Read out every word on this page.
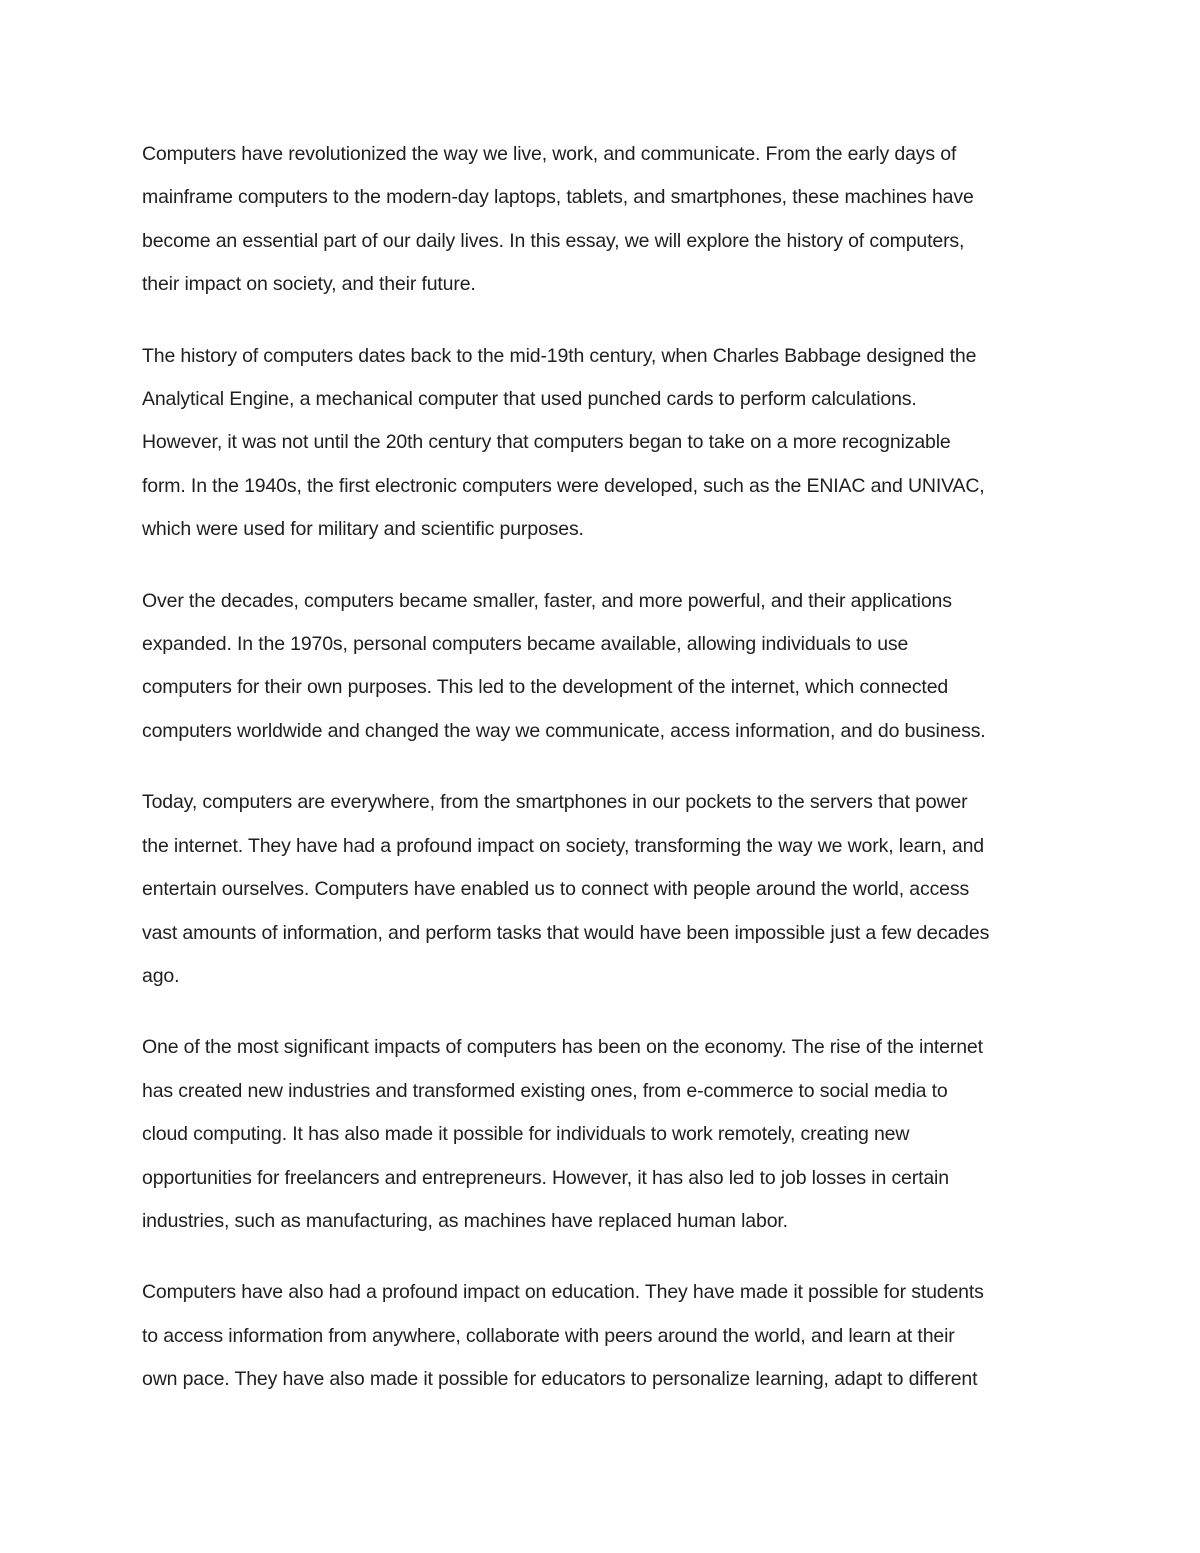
Computers have revolutionized the way we live, work, and communicate. From the early days of
mainframe computers to the modern-day laptops, tablets, and smartphones, these machines have
become an essential part of our daily lives. In this essay, we will explore the history of computers,
their impact on society, and their future.

The history of computers dates back to the mid-19th century, when Charles Babbage designed the
Analytical Engine, a mechanical computer that used punched cards to perform calculations.
However, it was not until the 20th century that computers began to take on a more recognizable
form. In the 1940s, the first electronic computers were developed, such as the ENIAC and UNIVAC,
which were used for military and scientific purposes.

Over the decades, computers became smaller, faster, and more powerful, and their applications
expanded. In the 1970s, personal computers became available, allowing individuals to use
computers for their own purposes. This led to the development of the internet, which connected
computers worldwide and changed the way we communicate, access information, and do business.

Today, computers are everywhere, from the smartphones in our pockets to the servers that power
the internet. They have had a profound impact on society, transforming the way we work, learn, and
entertain ourselves. Computers have enabled us to connect with people around the world, access
vast amounts of information, and perform tasks that would have been impossible just a few decades
ago.

One of the most significant impacts of computers has been on the economy. The rise of the internet
has created new industries and transformed existing ones, from e-commerce to social media to
cloud computing. It has also made it possible for individuals to work remotely, creating new
opportunities for freelancers and entrepreneurs. However, it has also led to job losses in certain
industries, such as manufacturing, as machines have replaced human labor.

Computers have also had a profound impact on education. They have made it possible for students
to access information from anywhere, collaborate with peers around the world, and learn at their
own pace. They have also made it possible for educators to personalize learning, adapt to different
